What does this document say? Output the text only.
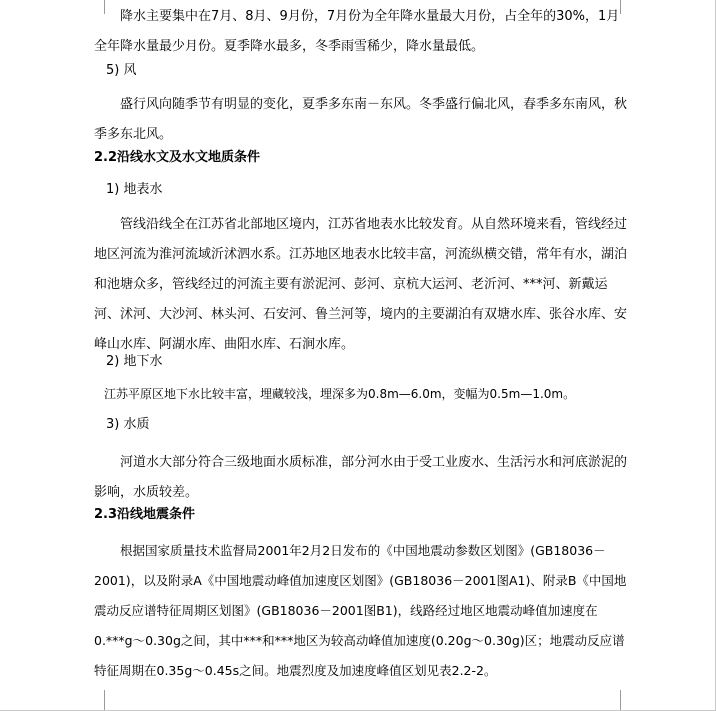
降水主要集中在7月、8月、9月份，7月份为全年降水量最大月份，占全年的30%，1月全年降水量最少月份。夏季降水最多，冬季雨雪稀少，降水量最低。
5) 风
盛行风向随季节有明显的变化，夏季多东南－东风。冬季盛行偏北风，春季多东南风，秋季多东北风。
2.2沿线水文及水文地质条件
1) 地表水
管线沿线全在江苏省北部地区境内，江苏省地表水比较发育。从自然环境来看，管线经过地区河流为淮河流域沂沭泗水系。江苏地区地表水比较丰富，河流纵横交错，常年有水，湖泊和池塘众多，管线经过的河流主要有淤泥河、彭河、京杭大运河、老沂河、***河、新戴运河、沭河、大沙河、林头河、石安河、鲁兰河等，境内的主要湖泊有双塘水库、张谷水库、安峰山水库、阿湖水库、曲阳水库、石涧水库。
2) 地下水
江苏平原区地下水比较丰富，埋藏较浅，埋深多为0.8m—6.0m，变幅为0.5m—1.0m。
3) 水质
河道水大部分符合三级地面水质标准，部分河水由于受工业废水、生活污水和河底淤泥的影响，水质较差。
2.3沿线地震条件
根据国家质量技术监督局2001年2月2日发布的《中国地震动参数区划图》(GB18036－2001)，以及附录A《中国地震动峰值加速度区划图》(GB18036－2001图A1)、附录B《中国地震动反应谱特征周期区划图》(GB18036－2001图B1)，线路经过地区地震动峰值加速度在0.***g～0.30g之间，其中***和***地区为较高动峰值加速度(0.20g～0.30g)区；地震动反应谱特征周期在0.35g～0.45s之间。地震烈度及加速度峰值区划见表2.2-2。
